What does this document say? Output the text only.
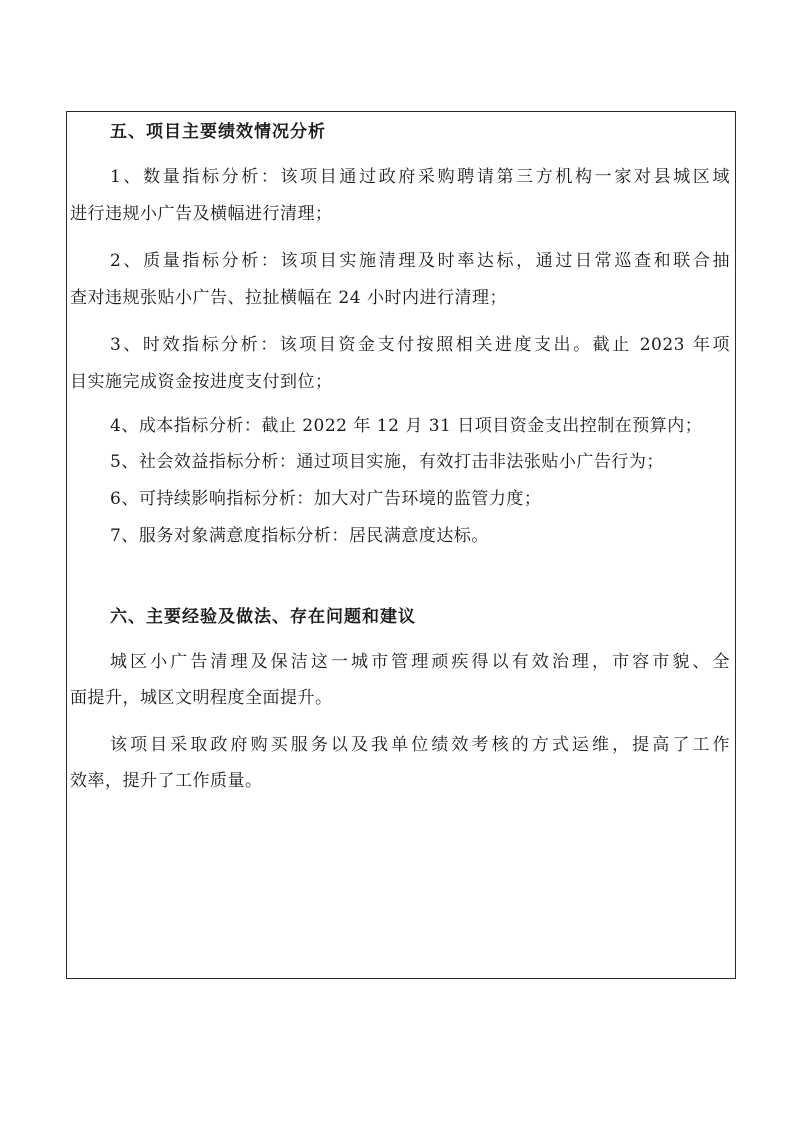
五、项目主要绩效情况分析
1、数量指标分析：该项目通过政府采购聘请第三方机构一家对县城区域
进行违规小广告及横幅进行清理；
2、质量指标分析：该项目实施清理及时率达标，通过日常巡查和联合抽
查对违规张贴小广告、拉扯横幅在 24 小时内进行清理；
3、时效指标分析：该项目资金支付按照相关进度支出。截止 2023 年项
目实施完成资金按进度支付到位；
4、成本指标分析：截止 2022 年 12 月 31 日项目资金支出控制在预算内；
5、社会效益指标分析：通过项目实施，有效打击非法张贴小广告行为；
6、可持续影响指标分析：加大对广告环境的监管力度；
7、服务对象满意度指标分析：居民满意度达标。
六、主要经验及做法、存在问题和建议
城区小广告清理及保洁这一城市管理顽疾得以有效治理，市容市貌、全
面提升，城区文明程度全面提升。
该项目采取政府购买服务以及我单位绩效考核的方式运维，提高了工作
效率，提升了工作质量。
